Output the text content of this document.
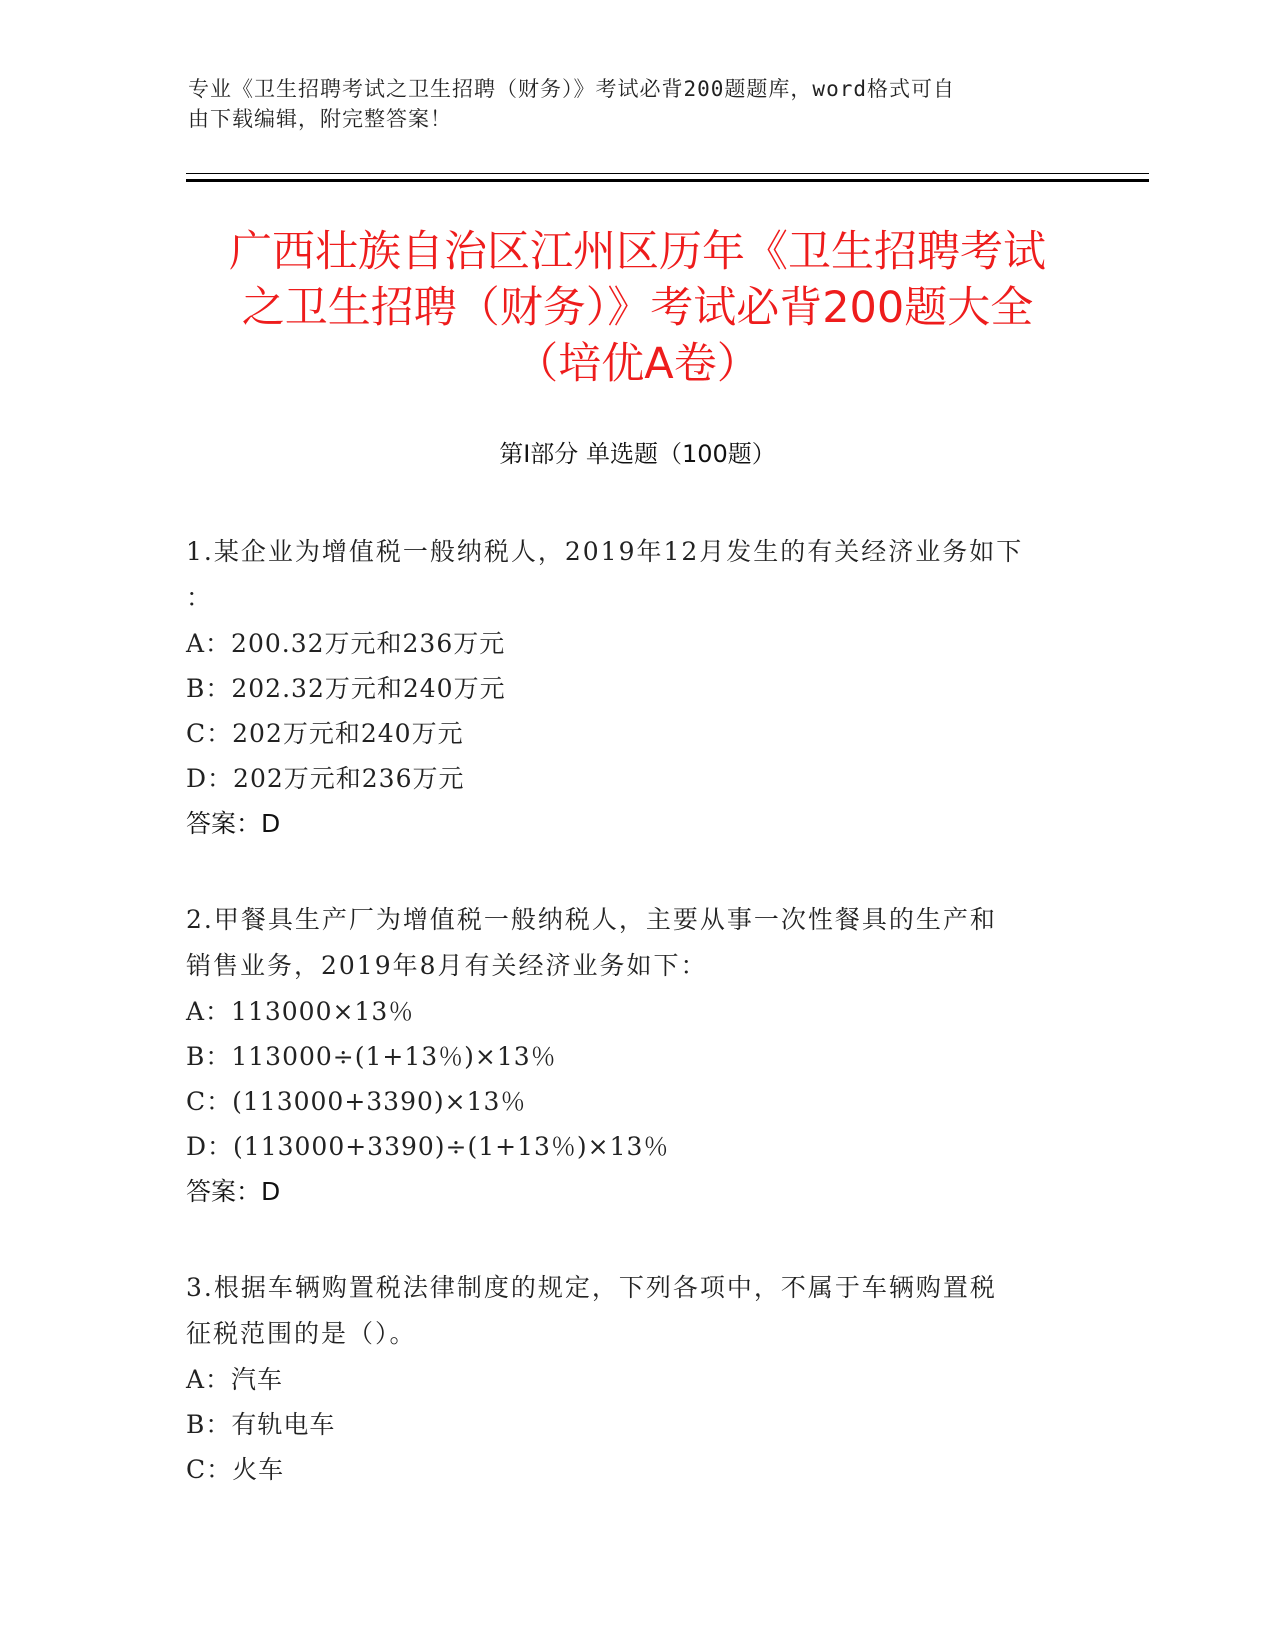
专业《卫生招聘考试之卫生招聘（财务）》考试必背200题题库，word格式可自
由下载编辑，附完整答案！
广西壮族自治区江州区历年《卫生招聘考试
之卫生招聘（财务）》考试必背200题大全
（培优A卷）
第I部分 单选题（100题）
1.某企业为增值税一般纳税人，2019年12月发生的有关经济业务如下
：
A：200.32万元和236万元
B：202.32万元和240万元
C：202万元和240万元
D：202万元和236万元
答案：D
2.甲餐具生产厂为增值税一般纳税人，主要从事一次性餐具的生产和
销售业务，2019年8月有关经济业务如下：
A：113000×13％
B：113000÷(1+13％)×13％
C：(113000+3390)×13％
D：(113000+3390)÷(1+13％)×13％
答案：D
3.根据车辆购置税法律制度的规定，下列各项中，不属于车辆购置税
征税范围的是（）。
A：汽车
B：有轨电车
C：火车
